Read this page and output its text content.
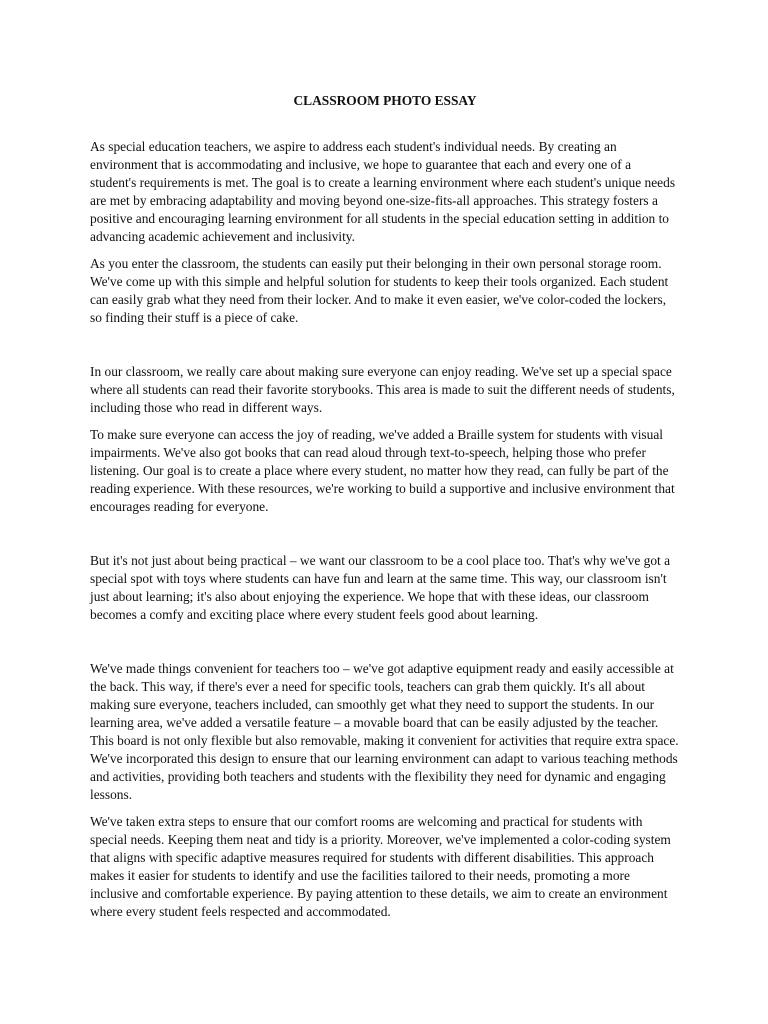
CLASSROOM PHOTO ESSAY

As special education teachers, we aspire to address each student's individual needs. By creating an environment that is accommodating and inclusive, we hope to guarantee that each and every one of a student's requirements is met. The goal is to create a learning environment where each student's unique needs are met by embracing adaptability and moving beyond one-size-fits-all approaches. This strategy fosters a positive and encouraging learning environment for all students in the special education setting in addition to advancing academic achievement and inclusivity.

As you enter the classroom, the students can easily put their belonging in their own personal storage room. We've come up with this simple and helpful solution for students to keep their tools organized. Each student can easily grab what they need from their locker. And to make it even easier, we've color-coded the lockers, so finding their stuff is a piece of cake.

In our classroom, we really care about making sure everyone can enjoy reading. We've set up a special space where all students can read their favorite storybooks. This area is made to suit the different needs of students, including those who read in different ways.

To make sure everyone can access the joy of reading, we've added a Braille system for students with visual impairments. We've also got books that can read aloud through text-to-speech, helping those who prefer listening. Our goal is to create a place where every student, no matter how they read, can fully be part of the reading experience. With these resources, we're working to build a supportive and inclusive environment that encourages reading for everyone.

But it's not just about being practical – we want our classroom to be a cool place too. That's why we've got a special spot with toys where students can have fun and learn at the same time. This way, our classroom isn't just about learning; it's also about enjoying the experience. We hope that with these ideas, our classroom becomes a comfy and exciting place where every student feels good about learning.

We've made things convenient for teachers too – we've got adaptive equipment ready and easily accessible at the back. This way, if there's ever a need for specific tools, teachers can grab them quickly. It's all about making sure everyone, teachers included, can smoothly get what they need to support the students. In our learning area, we've added a versatile feature – a movable board that can be easily adjusted by the teacher. This board is not only flexible but also removable, making it convenient for activities that require extra space. We've incorporated this design to ensure that our learning environment can adapt to various teaching methods and activities, providing both teachers and students with the flexibility they need for dynamic and engaging lessons.

We've taken extra steps to ensure that our comfort rooms are welcoming and practical for students with special needs. Keeping them neat and tidy is a priority. Moreover, we've implemented a color-coding system that aligns with specific adaptive measures required for students with different disabilities. This approach makes it easier for students to identify and use the facilities tailored to their needs, promoting a more inclusive and comfortable experience. By paying attention to these details, we aim to create an environment where every student feels respected and accommodated.
